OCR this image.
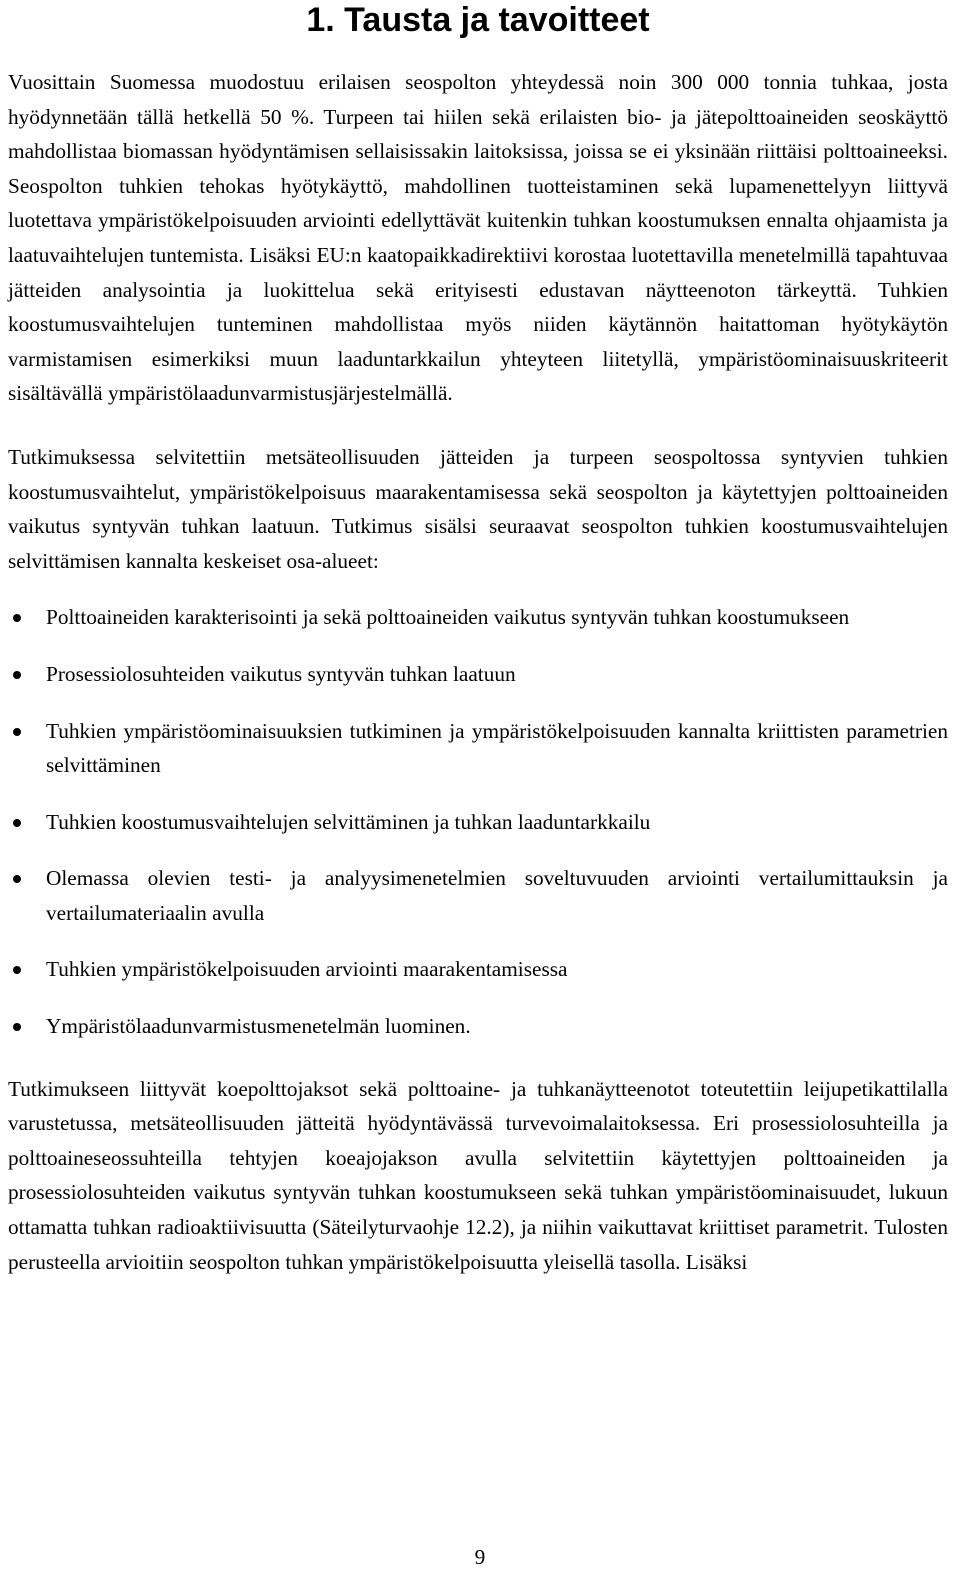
1. Tausta ja tavoitteet

Vuosittain Suomessa muodostuu erilaisen seospolton yhteydessä noin 300 000 tonnia tuhkaa, josta hyödynnetään tällä hetkellä 50 %. Turpeen tai hiilen sekä erilaisten bio- ja jätepolttoaineiden seoskäyttö mahdollistaa biomassan hyödyntämisen sellaisissakin laitoksissa, joissa se ei yksinään riittäisi polttoaineeksi. Seospolton tuhkien tehokas hyötykäyttö, mahdollinen tuotteistaminen sekä lupamenettelyyn liittyvä luotettava ympäristökelpoisuuden arviointi edellyttävät kuitenkin tuhkan koostumuksen ennalta ohjaamista ja laatuvaihtelujen tuntemista. Lisäksi EU:n kaatopaikkadirektiivi korostaa luotettavilla menetelmillä tapahtuvaa jätteiden analysointia ja luokittelua sekä erityisesti edustavan näytteenoton tärkeyttä. Tuhkien koostumusvaihtelujen tunteminen mahdollistaa myös niiden käytännön haitattoman hyötykäytön varmistamisen esimerkiksi muun laaduntarkkailun yhteyteen liitetyllä, ympäristöominaisuuskriteerit sisältävällä ympäristölaadunvarmistusjärjestelmällä.

Tutkimuksessa selvitettiin metsäteollisuuden jätteiden ja turpeen seospoltossa syntyvien tuhkien koostumusvaihtelut, ympäristökelpoisuus maarakentamisessa sekä seospolton ja käytettyjen polttoaineiden vaikutus syntyvän tuhkan laatuun. Tutkimus sisälsi seuraavat seospolton tuhkien koostumusvaihtelujen selvittämisen kannalta keskeiset osa-alueet:

Polttoaineiden karakterisointi ja sekä polttoaineiden vaikutus syntyvän tuhkan koostumukseen
Prosessiolosuhteiden vaikutus syntyvän tuhkan laatuun
Tuhkien ympäristöominaisuuksien tutkiminen ja ympäristökelpoisuuden kannalta kriittisten parametrien selvittäminen
Tuhkien koostumusvaihtelujen selvittäminen ja tuhkan laaduntarkkailu
Olemassa olevien testi- ja analyysimenetelmien soveltuvuuden arviointi vertailumittauksin ja vertailumateriaalin avulla
Tuhkien ympäristökelpoisuuden arviointi maarakentamisessa
Ympäristölaadunvarmistusmenetelmän luominen.

Tutkimukseen liittyvät koepolttojaksot sekä polttoaine- ja tuhkanäytteenotot toteutettiin leijupetikattilalla varustetussa, metsäteollisuuden jätteitä hyödyntävässä turvevoimalaitoksessa. Eri prosessiolosuhteilla ja polttoaineseossuhteilla tehtyjen koeajojakson avulla selvitettiin käytettyjen polttoaineiden ja prosessiolosuhteiden vaikutus syntyvän tuhkan koostumukseen sekä tuhkan ympäristöominaisuudet, lukuun ottamatta tuhkan radioaktiivisuutta (Säteilyturvaohje 12.2), ja niihin vaikuttavat kriittiset parametrit. Tulosten perusteella arvioitiin seospolton tuhkan ympäristökelpoisuutta yleisellä tasolla. Lisäksi

9
